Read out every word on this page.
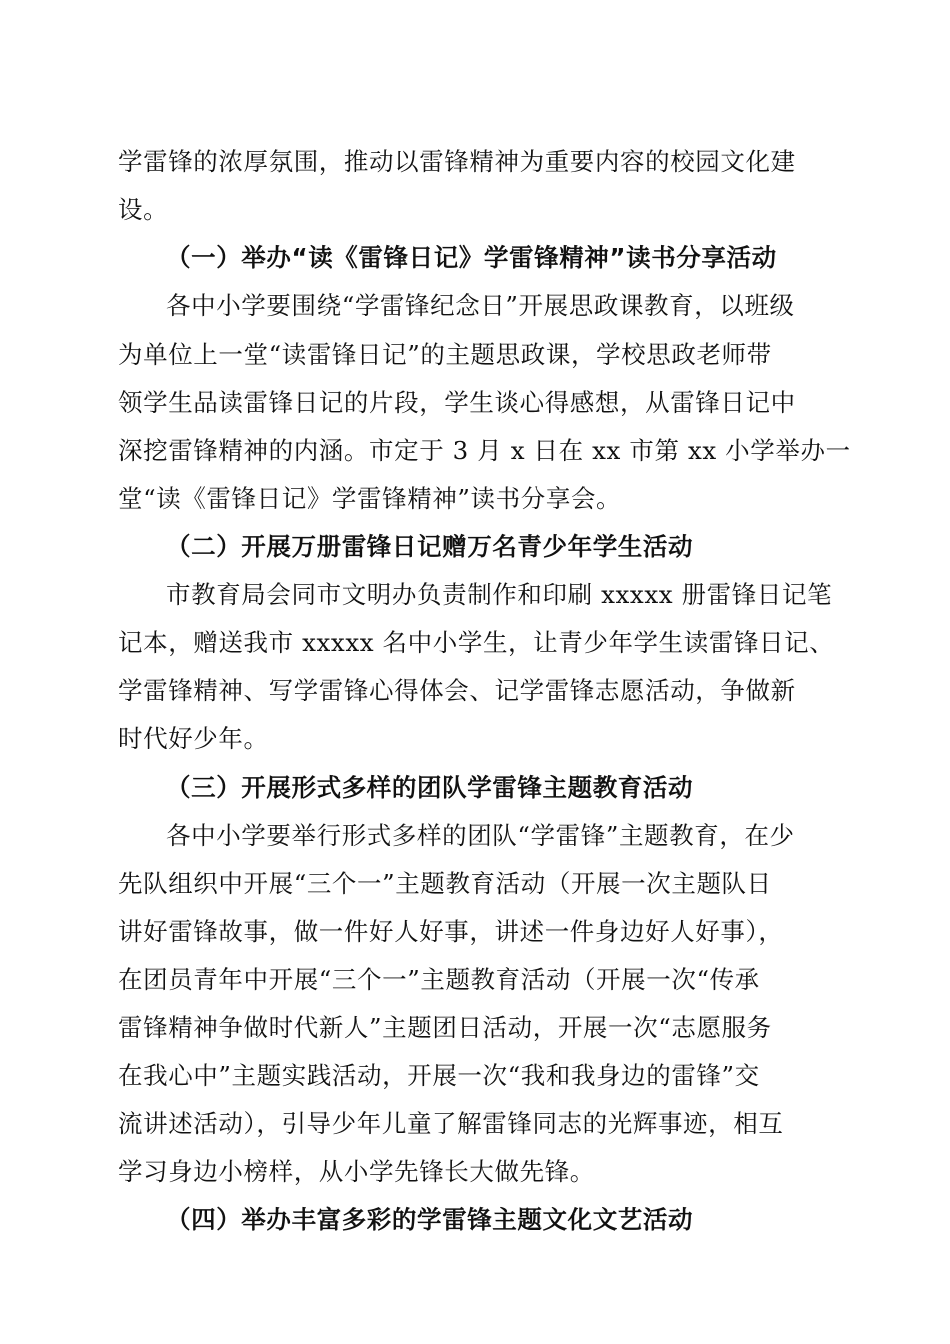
学雷锋的浓厚氛围，推动以雷锋精神为重要内容的校园文化建
设。
（一）举办“读《雷锋日记》学雷锋精神”读书分享活动
各中小学要围绕“学雷锋纪念日”开展思政课教育，以班级
为单位上一堂“读雷锋日记”的主题思政课，学校思政老师带
领学生品读雷锋日记的片段，学生谈心得感想，从雷锋日记中
深挖雷锋精神的内涵。市定于 3 月 x 日在 xx 市第 xx 小学举办一
堂“读《雷锋日记》学雷锋精神”读书分享会。
（二）开展万册雷锋日记赠万名青少年学生活动
市教育局会同市文明办负责制作和印刷 xxxxx 册雷锋日记笔
记本，赠送我市 xxxxx 名中小学生，让青少年学生读雷锋日记、
学雷锋精神、写学雷锋心得体会、记学雷锋志愿活动，争做新
时代好少年。
（三）开展形式多样的团队学雷锋主题教育活动
各中小学要举行形式多样的团队“学雷锋”主题教育，在少
先队组织中开展“三个一”主题教育活动（开展一次主题队日
讲好雷锋故事，做一件好人好事，讲述一件身边好人好事），
在团员青年中开展“三个一”主题教育活动（开展一次“传承
雷锋精神争做时代新人”主题团日活动，开展一次“志愿服务
在我心中”主题实践活动，开展一次“我和我身边的雷锋”交
流讲述活动），引导少年儿童了解雷锋同志的光辉事迹，相互
学习身边小榜样，从小学先锋长大做先锋。
（四）举办丰富多彩的学雷锋主题文化文艺活动
